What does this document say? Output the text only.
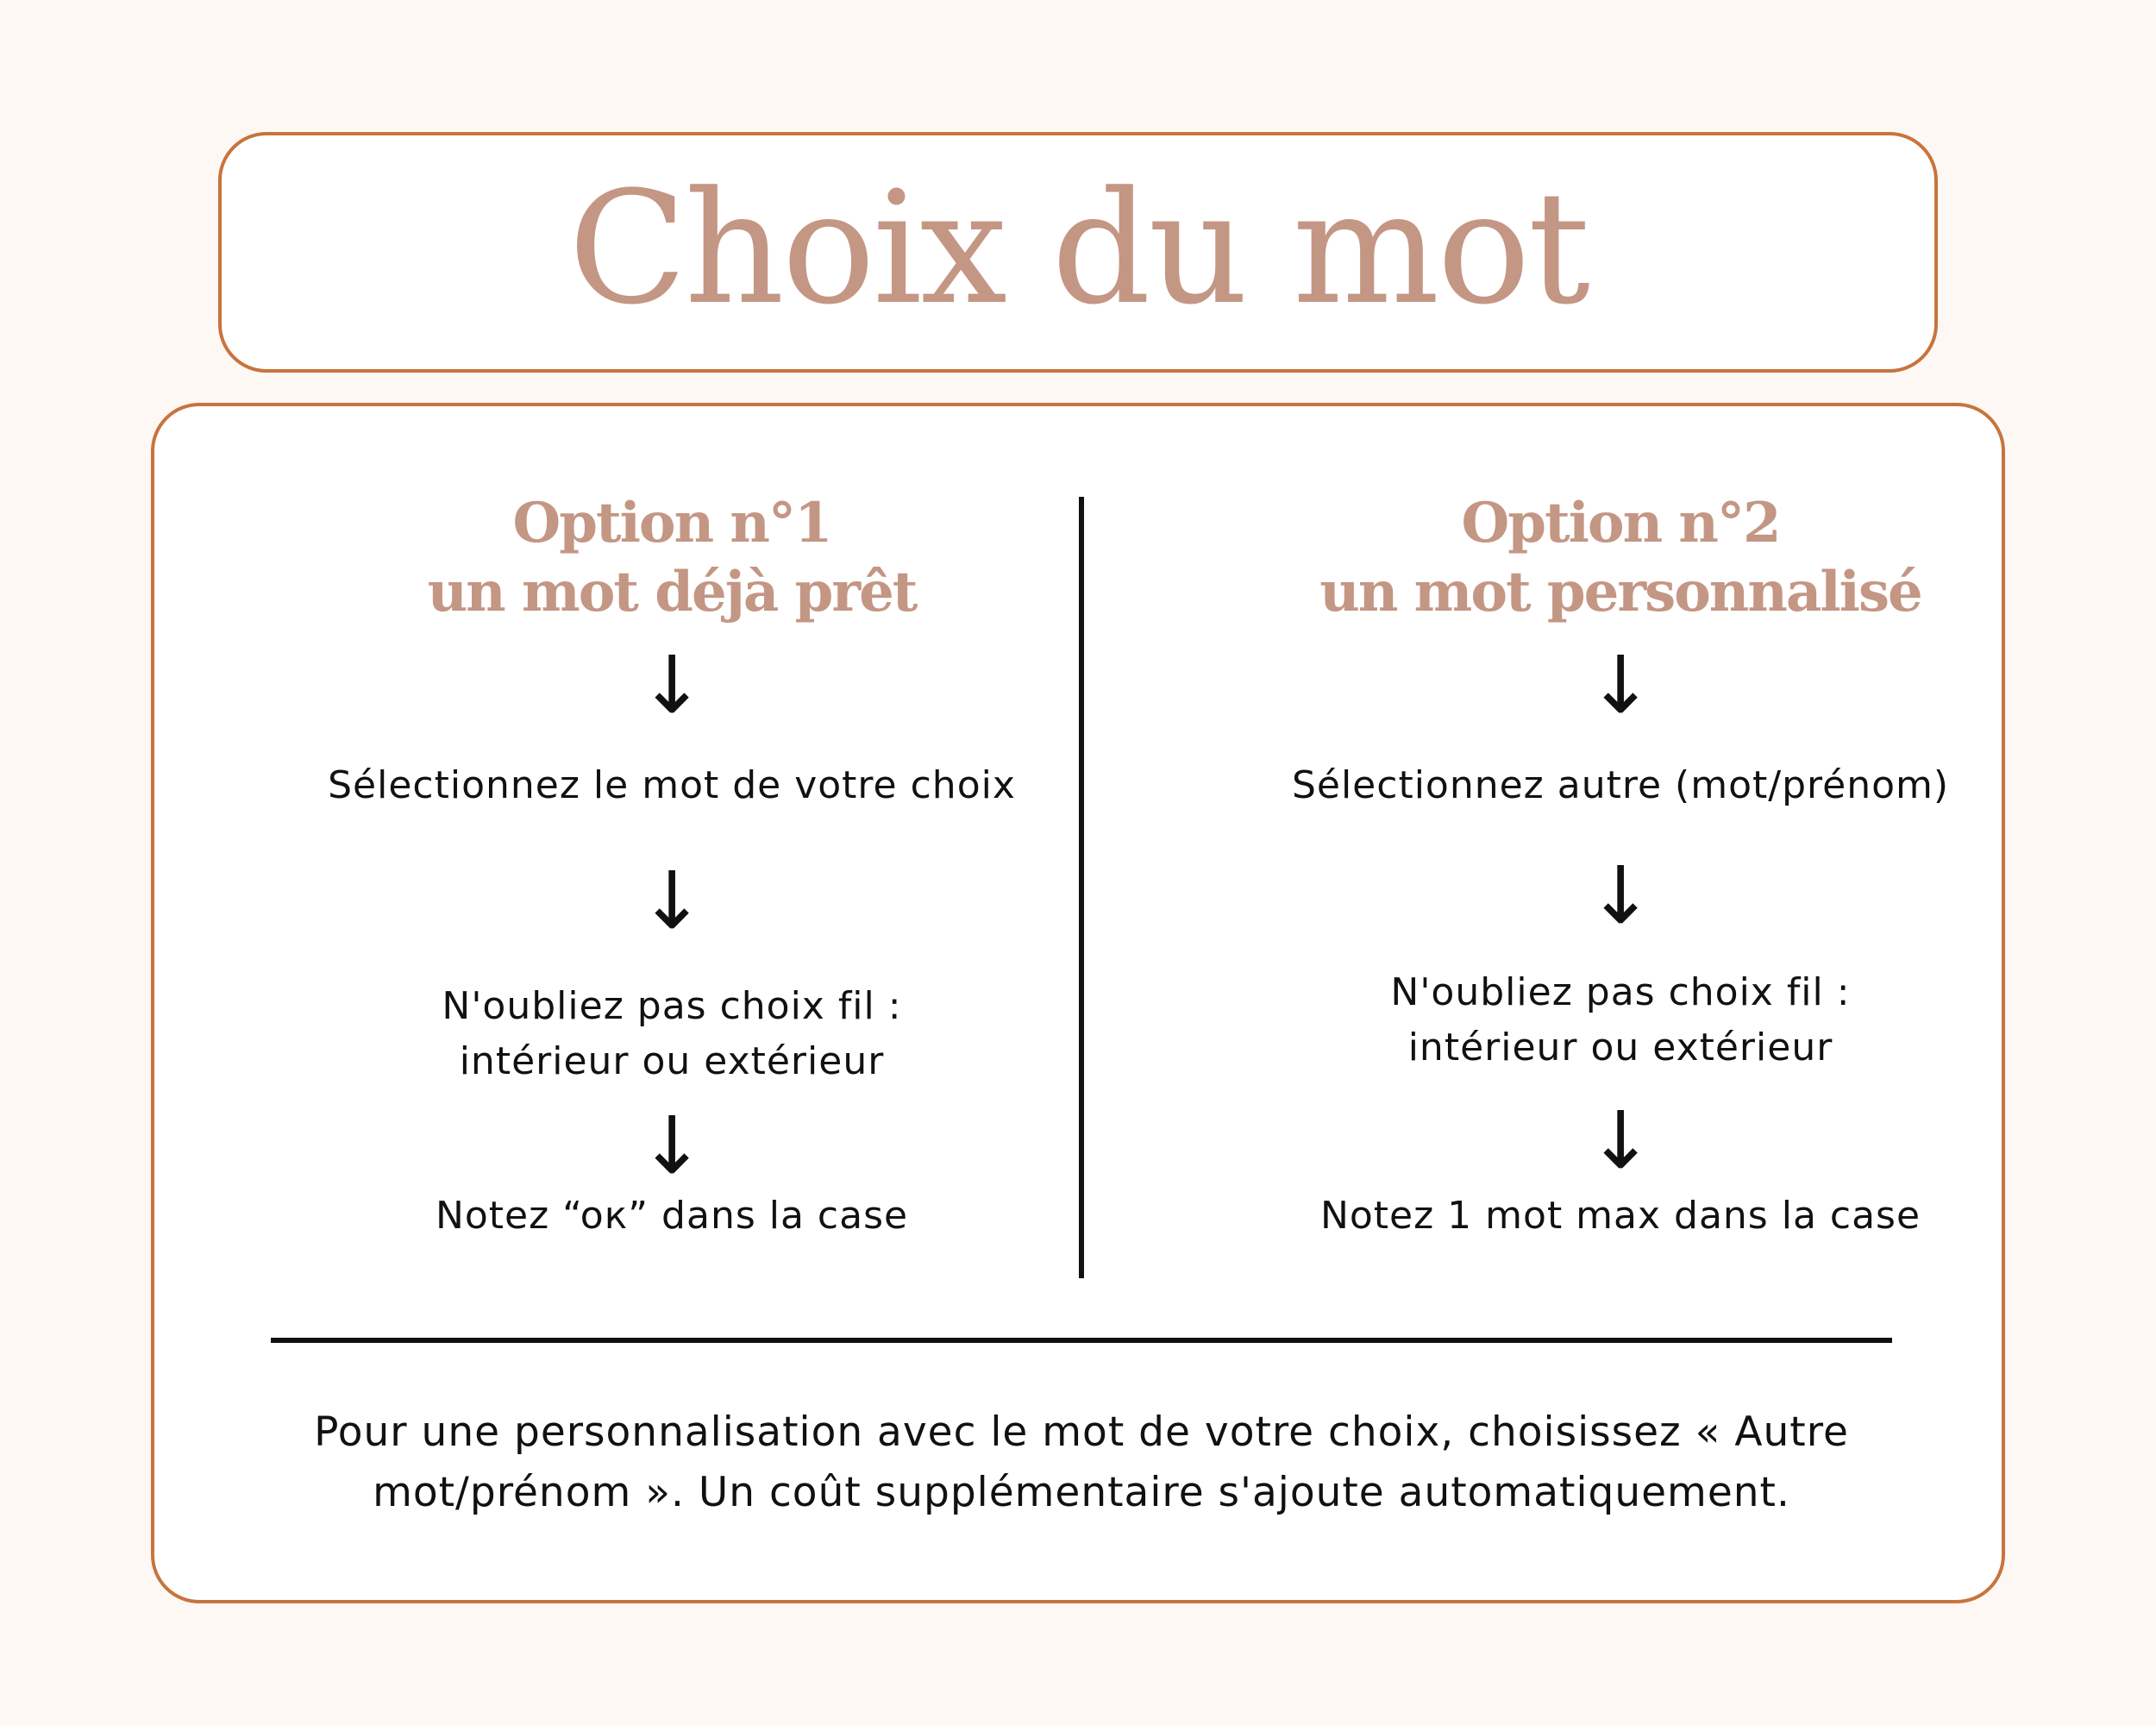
Choix du mot
Option n°1
un mot déjà prêt
↓
Sélectionnez le mot de votre choix
↓
N'oubliez pas choix fil :
intérieur ou extérieur
↓
Notez “oк” dans la case
Option n°2
un mot personnalisé
↓
Sélectionnez autre (mot/prénom)
↓
N'oubliez pas choix fil :
intérieur ou extérieur
↓
Notez 1 mot max dans la case
Pour une personnalisation avec le mot de votre choix, choisissez « Autre
mot/prénom ». Un coût supplémentaire s'ajoute automatiquement.
